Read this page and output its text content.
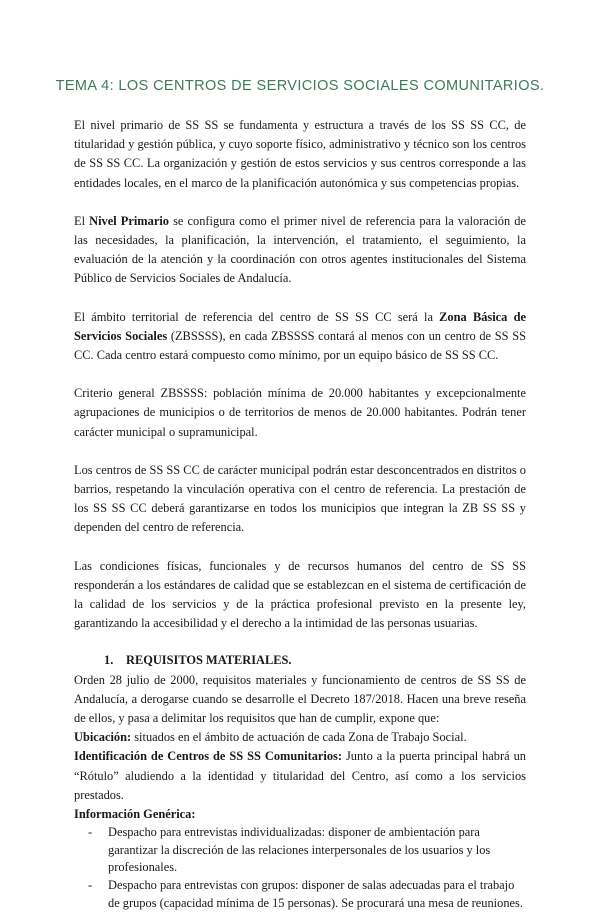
TEMA 4: LOS CENTROS DE SERVICIOS SOCIALES COMUNITARIOS.

El nivel primario de SS SS se fundamenta y estructura a través de los SS SS CC, de titularidad y gestión pública, y cuyo soporte físico, administrativo y técnico son los centros de SS SS CC. La organización y gestión de estos servicios y sus centros corresponde a las entidades locales, en el marco de la planificación autonómica y sus competencias propias.

El Nivel Primario se configura como el primer nivel de referencia para la valoración de las necesidades, la planificación, la intervención, el tratamiento, el seguimiento, la evaluación de la atención y la coordinación con otros agentes institucionales del Sistema Público de Servicios Sociales de Andalucía.

El ámbito territorial de referencia del centro de SS SS CC será la Zona Básica de Servicios Sociales (ZBSSSS), en cada ZBSSSS contará al menos con un centro de SS SS CC. Cada centro estará compuesto como mínimo, por un equipo básico de SS SS CC.

Criterio general ZBSSSS: población mínima de 20.000 habitantes y excepcionalmente agrupaciones de municipios o de territorios de menos de 20.000 habitantes. Podrán tener carácter municipal o supramunicipal.

Los centros de SS SS CC de carácter municipal podrán estar desconcentrados en distritos o barrios, respetando la vinculación operativa con el centro de referencia. La prestación de los SS SS CC deberá garantizarse en todos los municipios que integran la ZB SS SS y dependen del centro de referencia.

Las condiciones físicas, funcionales y de recursos humanos del centro de SS SS responderán a los estándares de calidad que se establezcan en el sistema de certificación de la calidad de los servicios y de la práctica profesional previsto en la presente ley, garantizando la accesibilidad y el derecho a la intimidad de las personas usuarias.

1. REQUISITOS MATERIALES.

Orden 28 julio de 2000, requisitos materiales y funcionamiento de centros de SS SS de Andalucía, a derogarse cuando se desarrolle el Decreto 187/2018. Hacen una breve reseña de ellos, y pasa a delimitar los requisitos que han de cumplir, expone que:

Ubicación: situados en el ámbito de actuación de cada Zona de Trabajo Social.

Identificación de Centros de SS SS Comunitarios: Junto a la puerta principal habrá un “Rótulo” aludiendo a la identidad y titularidad del Centro, así como a los servicios prestados.

Información Genérica:

- Despacho para entrevistas individualizadas: disponer de ambientación para garantizar la discreción de las relaciones interpersonales de los usuarios y los profesionales.
- Despacho para entrevistas con grupos: disponer de salas adecuadas para el trabajo de grupos (capacidad mínima de 15 personas). Se procurará una mesa de reuniones.
